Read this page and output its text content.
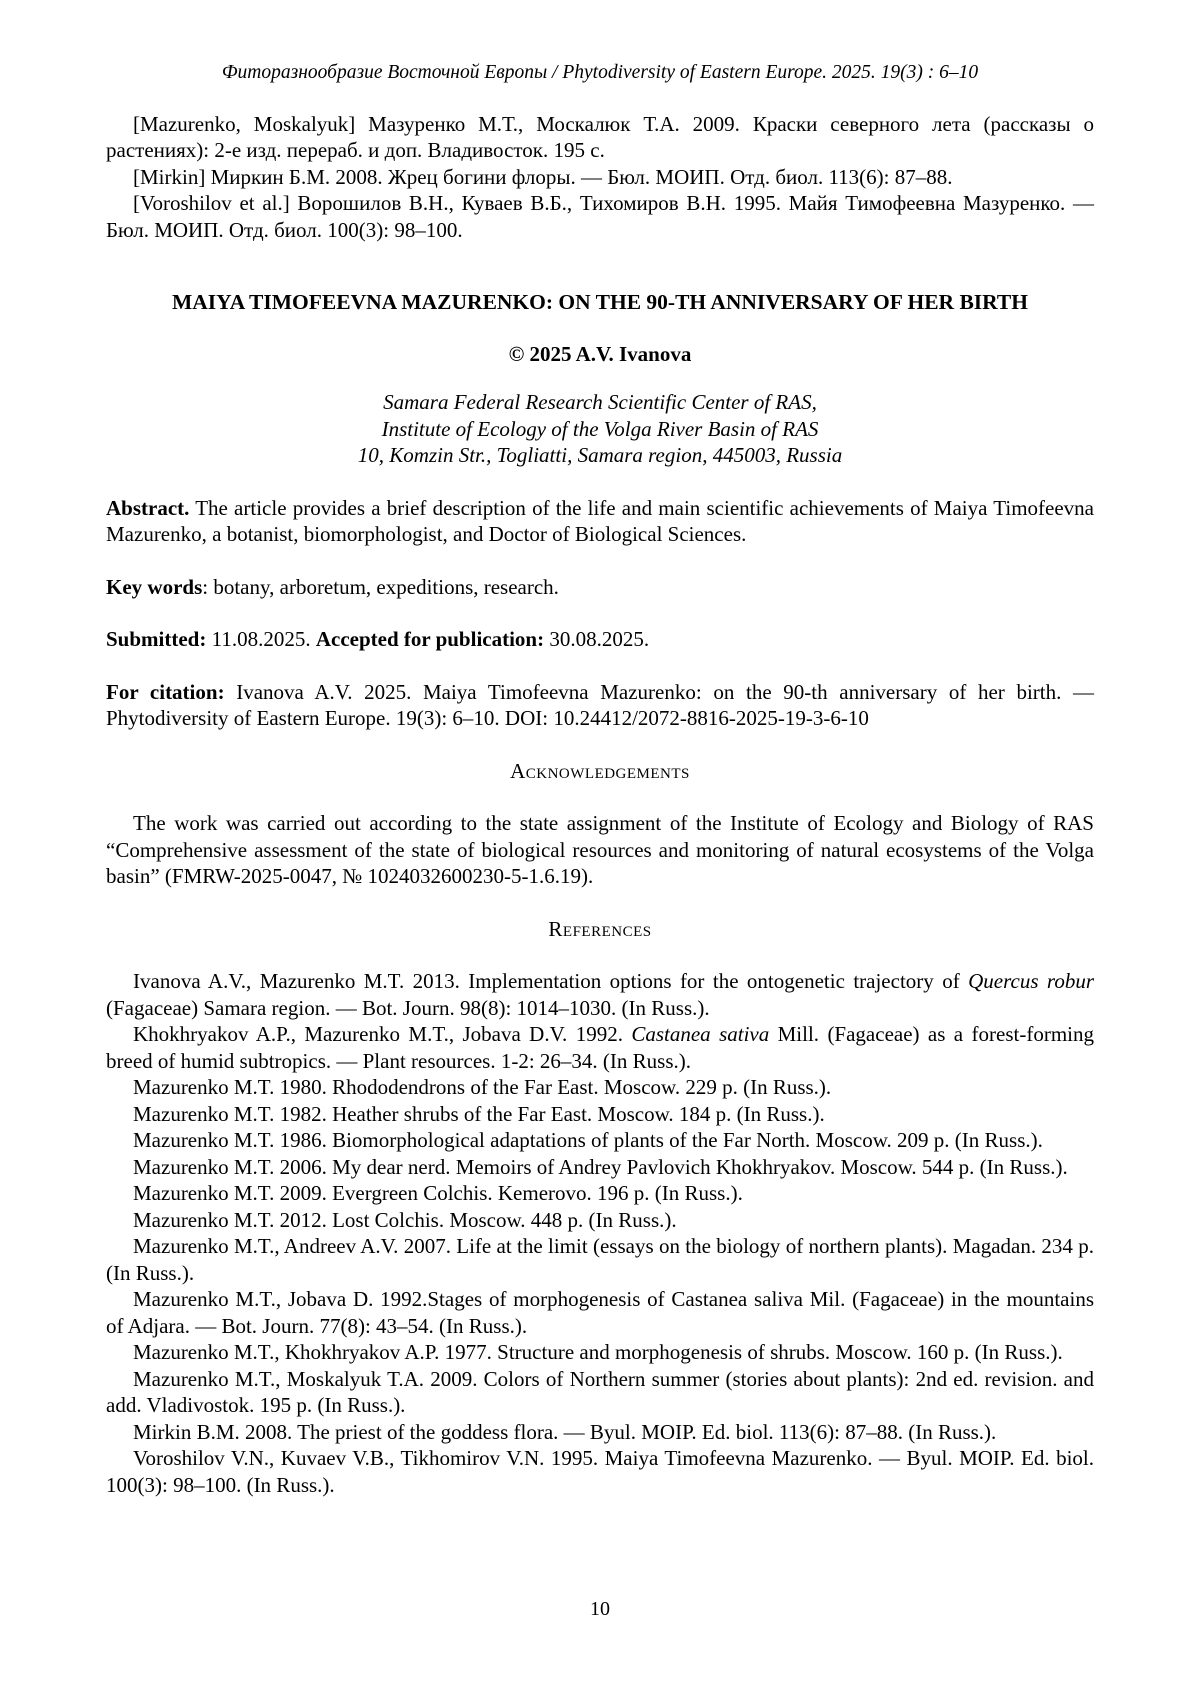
Фиторазнообразие Восточной Европы / Phytodiversity of Eastern Europe. 2025. 19(3) : 6–10

[Mazurenko, Moskalyuk] Мазуренко М.Т., Москалюк Т.А. 2009. Краски северного лета (рассказы о растениях): 2-е изд. перераб. и доп. Владивосток. 195 с.

[Mirkin] Миркин Б.М. 2008. Жрец богини флоры. — Бюл. МОИП. Отд. биол. 113(6): 87–88.

[Voroshilov et al.] Ворошилов В.Н., Куваев В.Б., Тихомиров В.Н. 1995. Майя Тимофеевна Мазуренко. — Бюл. МОИП. Отд. биол. 100(3): 98–100.

MAIYA TIMOFEEVNA MAZURENKO: ON THE 90-TH ANNIVERSARY OF HER BIRTH

© 2025 A.V. Ivanova

Samara Federal Research Scientific Center of RAS,

Institute of Ecology of the Volga River Basin of RAS

10, Komzin Str., Togliatti, Samara region, 445003, Russia

Abstract. The article provides a brief description of the life and main scientific achievements of Maiya Timofeevna Mazurenko, a botanist, biomorphologist, and Doctor of Biological Sciences.

Key words: botany, arboretum, expeditions, research.

Submitted: 11.08.2025. Accepted for publication: 30.08.2025.

For citation: Ivanova A.V. 2025. Maiya Timofeevna Mazurenko: on the 90-th anniversary of her birth. — Phytodiversity of Eastern Europe. 19(3): 6–10. DOI: 10.24412/2072-8816-2025-19-3-6-10

Acknowledgements

The work was carried out according to the state assignment of the Institute of Ecology and Biology of RAS “Comprehensive assessment of the state of biological resources and monitoring of natural ecosystems of the Volga basin” (FMRW-2025-0047, № 1024032600230-5-1.6.19).

References

Ivanova A.V., Mazurenko M.T. 2013. Implementation options for the ontogenetic trajectory of Quercus robur (Fagaceae) Samara region. — Bot. Journ. 98(8): 1014–1030. (In Russ.).

Khokhryakov A.P., Mazurenko M.T., Jobava D.V. 1992. Castanea sativa Mill. (Fagaceae) as a forest-forming breed of humid subtropics. — Plant resources. 1-2: 26–34. (In Russ.).

Mazurenko M.T. 1980. Rhododendrons of the Far East. Moscow. 229 p. (In Russ.).

Mazurenko M.T. 1982. Heather shrubs of the Far East. Moscow. 184 p. (In Russ.).

Mazurenko M.T. 1986. Biomorphological adaptations of plants of the Far North. Moscow. 209 p. (In Russ.).

Mazurenko M.T. 2006. My dear nerd. Memoirs of Andrey Pavlovich Khokhryakov. Moscow. 544 p. (In Russ.).

Mazurenko M.T. 2009. Evergreen Colchis. Kemerovo. 196 p. (In Russ.).

Mazurenko M.T. 2012. Lost Colchis. Moscow. 448 p. (In Russ.).

Mazurenko M.T., Andreev A.V. 2007. Life at the limit (essays on the biology of northern plants). Magadan. 234 p. (In Russ.).

Mazurenko M.T., Jobava D. 1992.Stages of morphogenesis of Castanea saliva Mil. (Fagaceae) in the mountains of Adjara. — Bot. Journ. 77(8): 43–54. (In Russ.).

Mazurenko M.T., Khokhryakov A.P. 1977. Structure and morphogenesis of shrubs. Moscow. 160 p. (In Russ.).

Mazurenko M.T., Moskalyuk T.A. 2009. Colors of Northern summer (stories about plants): 2nd ed. revision. and add. Vladivostok. 195 p. (In Russ.).

Mirkin B.M. 2008. The priest of the goddess flora. — Byul. MOIP. Ed. biol. 113(6): 87–88. (In Russ.).

Voroshilov V.N., Kuvaev V.B., Tikhomirov V.N. 1995. Maiya Timofeevna Mazurenko. — Byul. MOIP. Ed. biol. 100(3): 98–100. (In Russ.).

10
